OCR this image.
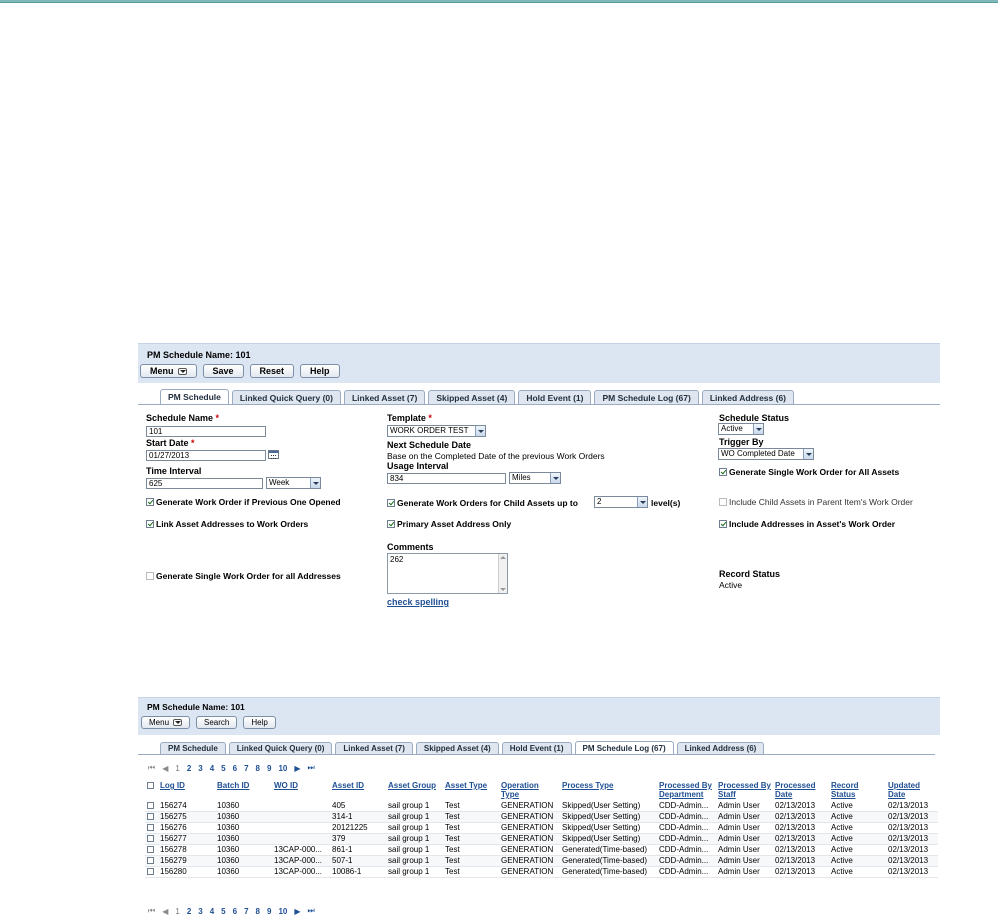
PM Schedule Name: 101
Menu	Save	Reset	Help
PM Schedule	Linked Quick Query (0)	Linked Asset (7)	Skipped Asset (4)	Hold Event (1)	PM Schedule Log (67)	Linked Address (6)
Schedule Name *
101
Start Date *
01/27/2013
Time Interval
625	Week
Generate Work Order if Previous One Opened
Link Asset Addresses to Work Orders
Generate Single Work Order for all Addresses
Template *
WORK ORDER TEST
Next Schedule Date
Base on the Completed Date of the previous Work Orders
Usage Interval
834	Miles
Generate Work Orders for Child Assets up to	2	level(s)
Primary Asset Address Only
Comments
262
check spelling
Schedule Status
Active
Trigger By
WO Completed Date
Generate Single Work Order for All Assets
Include Child Assets in Parent Item's Work Order
Include Addresses in Asset's Work Order
Record Status
Active
PM Schedule Name: 101
Menu	Search	Help
PM Schedule	Linked Quick Query (0)	Linked Asset (7)	Skipped Asset (4)	Hold Event (1)	PM Schedule Log (67)	Linked Address (6)
⏮ ◀ 1 2 3 4 5 6 7 8 9 10 ▶ ⏭
	Log ID	Batch ID	WO ID	Asset ID	Asset Group	Asset Type	Operation Type	Process Type	Processed By Department	Processed By Staff	Processed Date	Record Status	Updated Date
	156274	10360		405	sail group 1	Test	GENERATION	Skipped(User Setting)	CDD-Admin...	Admin User	02/13/2013	Active	02/13/2013
	156275	10360		314-1	sail group 1	Test	GENERATION	Skipped(User Setting)	CDD-Admin...	Admin User	02/13/2013	Active	02/13/2013
	156276	10360		20121225	sail group 1	Test	GENERATION	Skipped(User Setting)	CDD-Admin...	Admin User	02/13/2013	Active	02/13/2013
	156277	10360		379	sail group 1	Test	GENERATION	Skipped(User Setting)	CDD-Admin...	Admin User	02/13/2013	Active	02/13/2013
	156278	10360	13CAP-000...	861-1	sail group 1	Test	GENERATION	Generated(Time-based)	CDD-Admin...	Admin User	02/13/2013	Active	02/13/2013
	156279	10360	13CAP-000...	507-1	sail group 1	Test	GENERATION	Generated(Time-based)	CDD-Admin...	Admin User	02/13/2013	Active	02/13/2013
	156280	10360	13CAP-000...	10086-1	sail group 1	Test	GENERATION	Generated(Time-based)	CDD-Admin...	Admin User	02/13/2013	Active	02/13/2013
⏮ ◀ 1 2 3 4 5 6 7 8 9 10 ▶ ⏭
